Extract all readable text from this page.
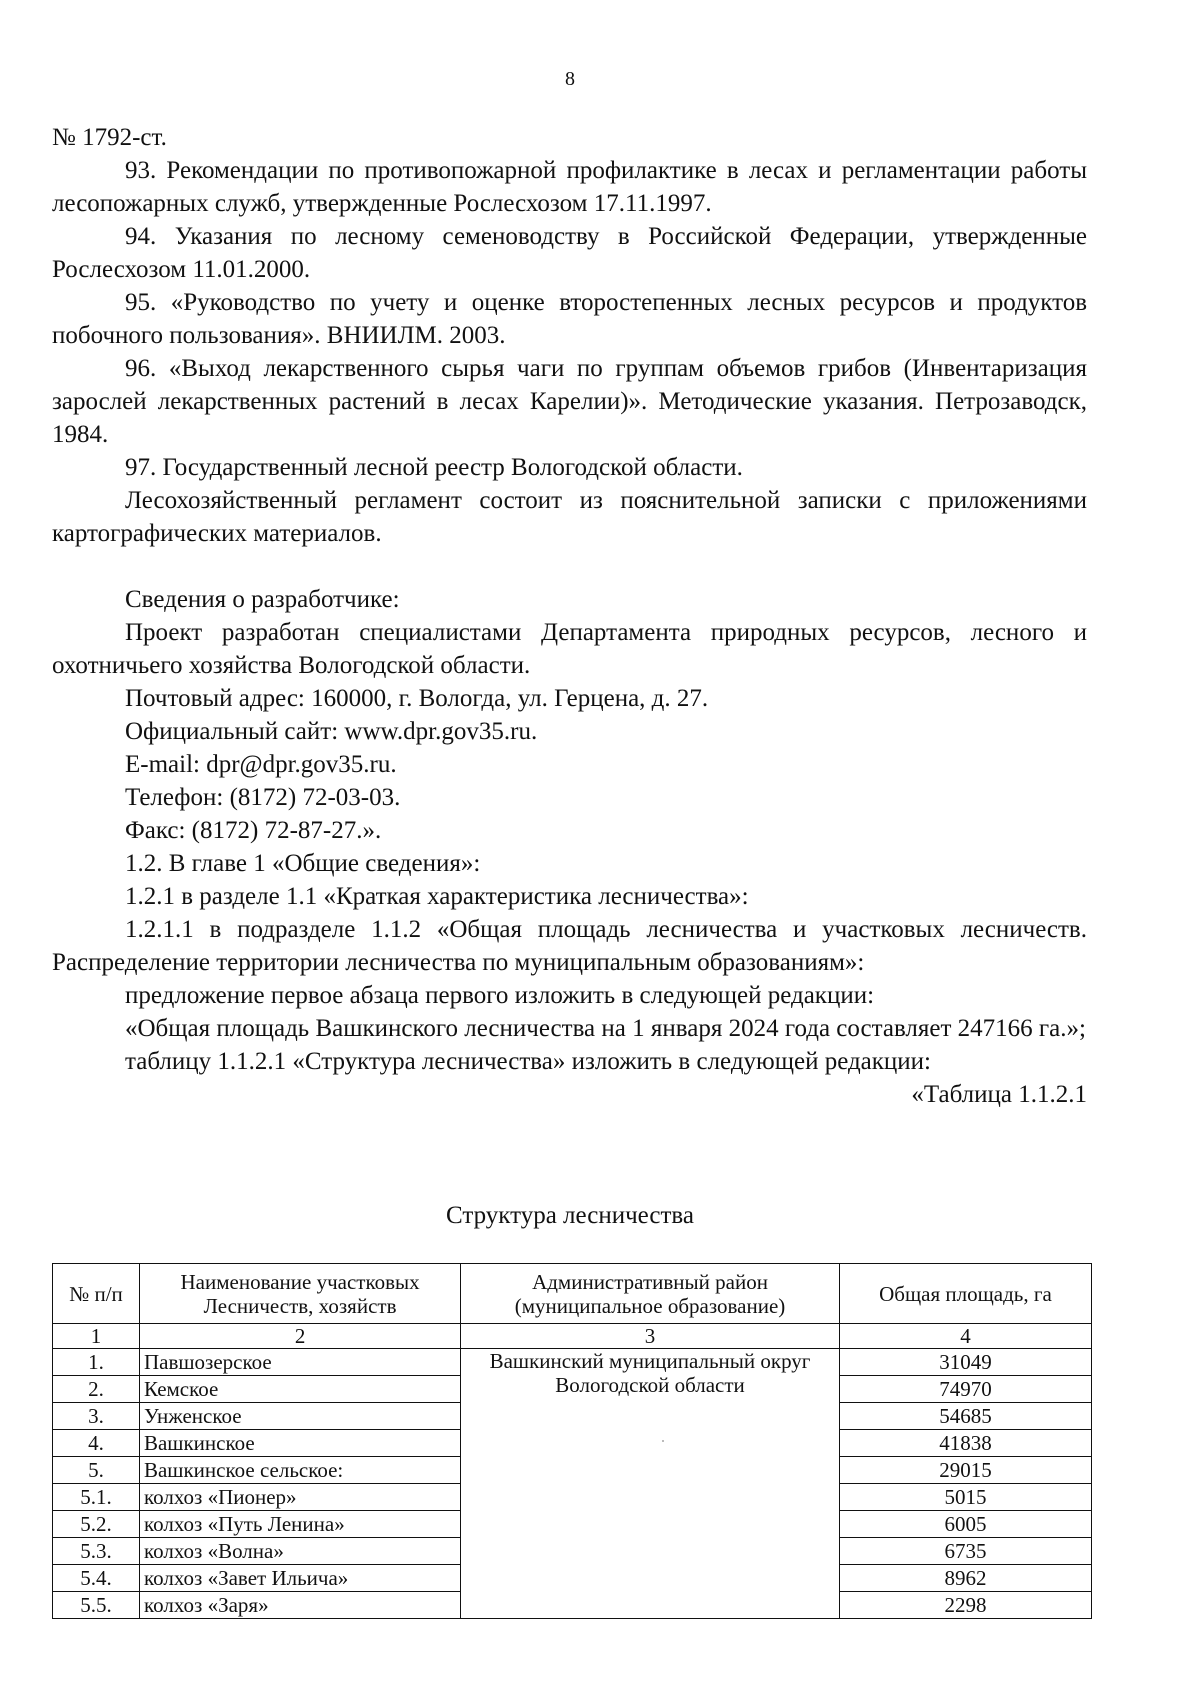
8

№ 1792-ст.

93. Рекомендации по противопожарной профилактике в лесах и регламентации работы лесопожарных служб, утвержденные Рослесхозом 17.11.1997.

94. Указания по лесному семеноводству в Российской Федерации, утвержденные Рослесхозом 11.01.2000.

95. «Руководство по учету и оценке второстепенных лесных ресурсов и продуктов побочного пользования». ВНИИЛМ. 2003.

96. «Выход лекарственного сырья чаги по группам объемов грибов (Инвентаризация зарослей лекарственных растений в лесах Карелии)». Методические указания. Петрозаводск, 1984.

97. Государственный лесной реестр Вологодской области.

Лесохозяйственный регламент состоит из пояснительной записки с приложениями картографических материалов.

Сведения о разработчике:

Проект разработан специалистами Департамента природных ресурсов, лесного и охотничьего хозяйства Вологодской области.

Почтовый адрес: 160000, г. Вологда, ул. Герцена, д. 27.

Официальный сайт: www.dpr.gov35.ru.

E-mail: dpr@dpr.gov35.ru.

Телефон: (8172) 72-03-03.

Факс: (8172) 72-87-27.».

1.2. В главе 1 «Общие сведения»:

1.2.1 в разделе 1.1 «Краткая характеристика лесничества»:

1.2.1.1 в подразделе 1.1.2 «Общая площадь лесничества и участковых лесничеств. Распределение территории лесничества по муниципальным образованиям»:

предложение первое абзаца первого изложить в следующей редакции:

«Общая площадь Вашкинского лесничества на 1 января 2024 года составляет 247166 га.»;

таблицу 1.1.2.1 «Структура лесничества» изложить в следующей редакции:

«Таблица 1.1.2.1

Структура лесничества
№ п/п	Наименование участковых Лесничеств, хозяйств	Административный район (муниципальное образование)	Общая площадь, га
1	2	3	4
1.	Павшозерское	Вашкинский муниципальный округ Вологодской области	31049
2.	Кемское		74970
3.	Унженское		54685
4.	Вашкинское		41838
5.	Вашкинское сельское:		29015
5.1.	колхоз «Пионер»		5015
5.2.	колхоз «Путь Ленина»		6005
5.3.	колхоз «Волна»		6735
5.4.	колхоз «Завет Ильича»		8962
5.5.	колхоз «Заря»		2298
